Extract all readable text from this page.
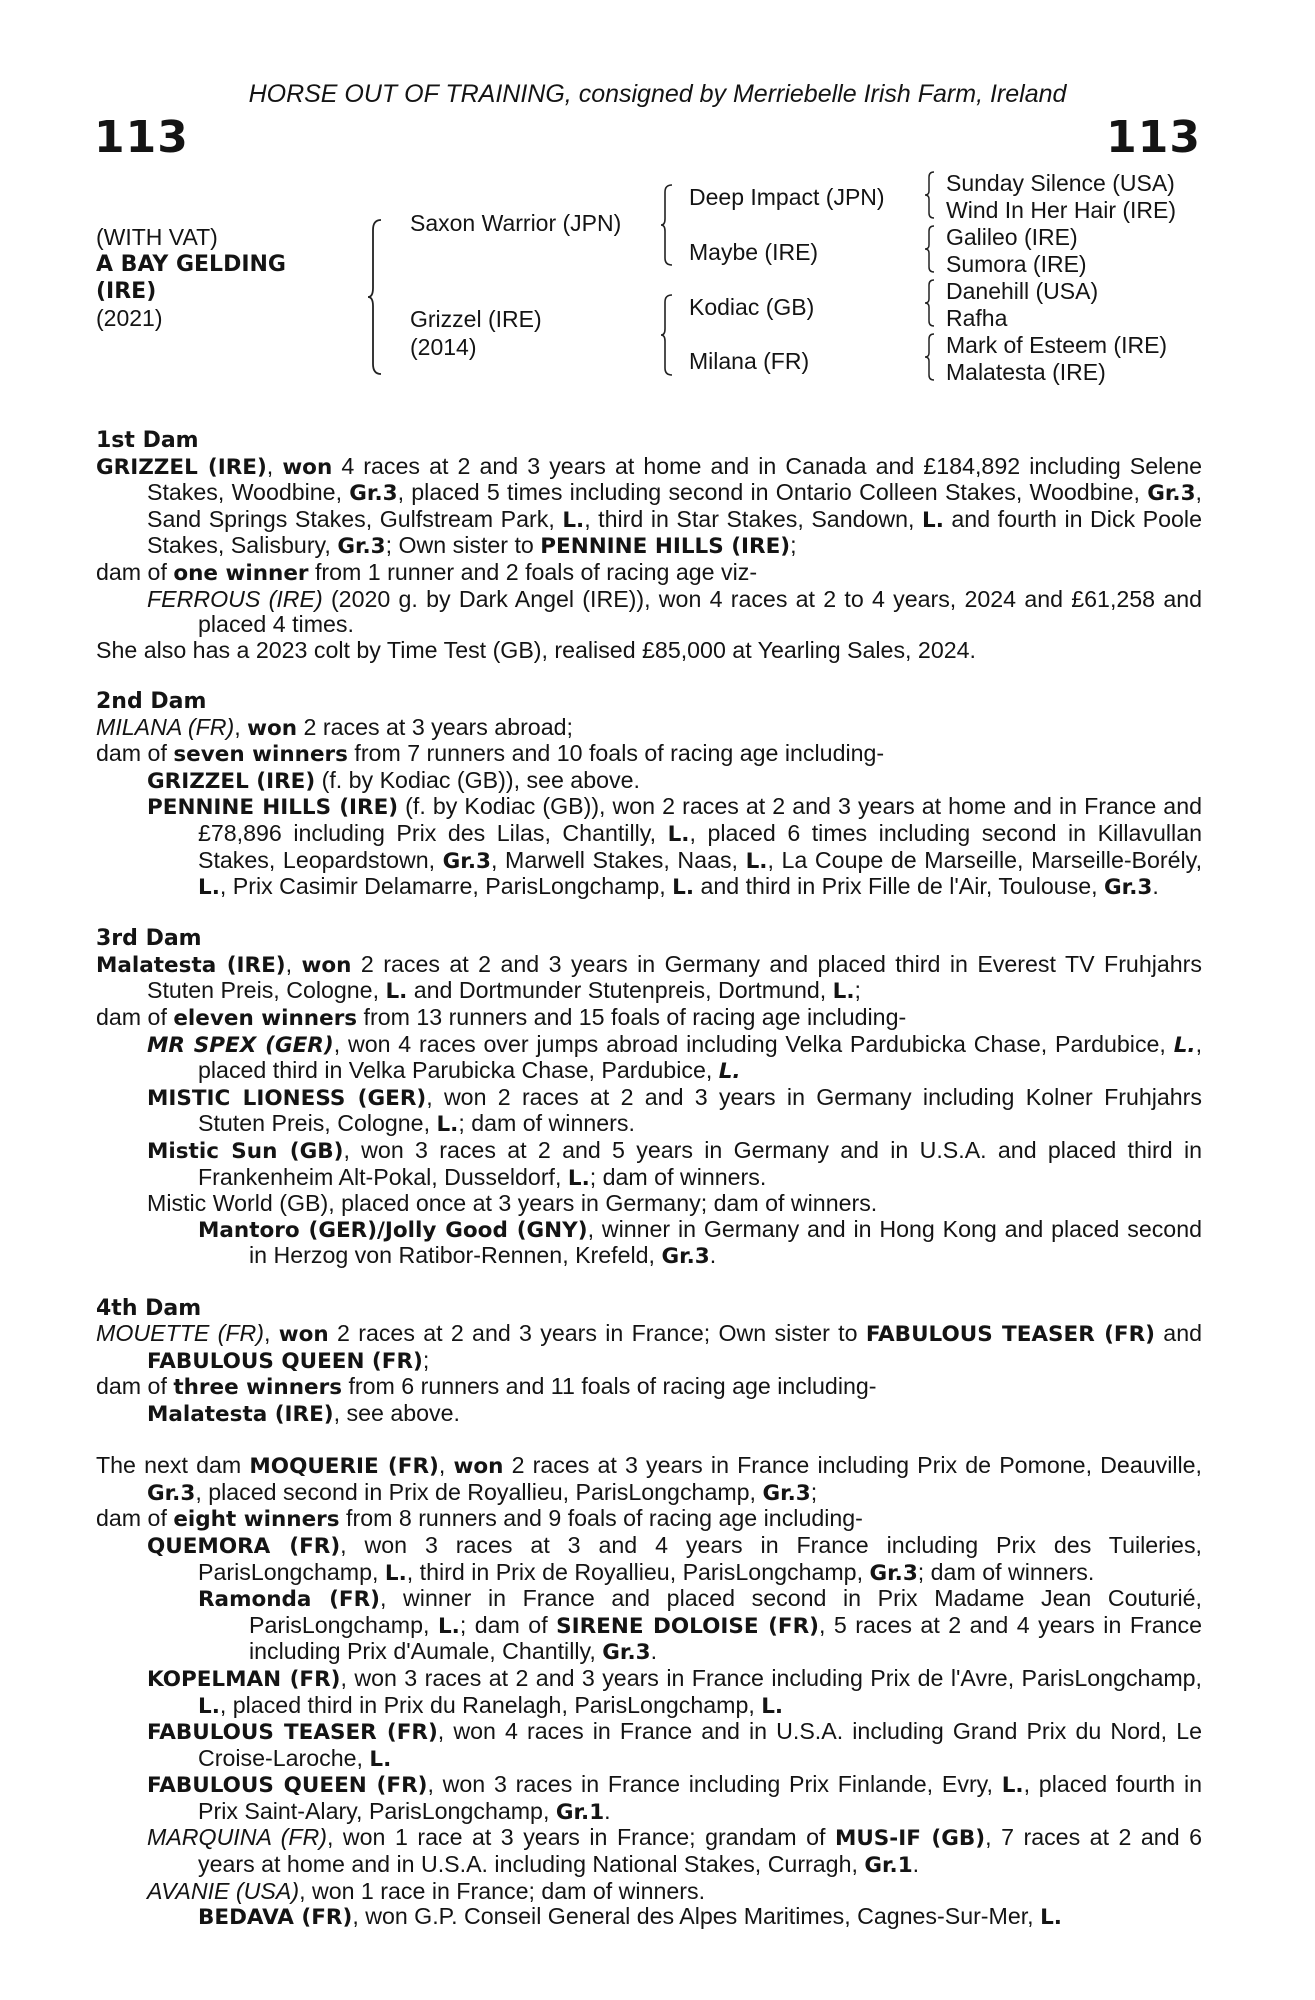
HORSE OUT OF TRAINING, consigned by Merriebelle Irish Farm, Ireland
113	113
(WITH VAT)
A BAY GELDING
(IRE)
(2021)
Saxon Warrior (JPN)
Grizzel (IRE)
(2014)
Deep Impact (JPN)
Maybe (IRE)
Kodiac (GB)
Milana (FR)
Sunday Silence (USA)
Wind In Her Hair (IRE)
Galileo (IRE)
Sumora (IRE)
Danehill (USA)
Rafha
Mark of Esteem (IRE)
Malatesta (IRE)
1st Dam

GRIZZEL (IRE), won 4 races at 2 and 3 years at home and in Canada and £184,892 including Selene Stakes, Woodbine, Gr.3, placed 5 times including second in Ontario Colleen Stakes, Woodbine, Gr.3, Sand Springs Stakes, Gulfstream Park, L., third in Star Stakes, Sandown, L. and fourth in Dick Poole Stakes, Salisbury, Gr.3; Own sister to PENNINE HILLS (IRE);

dam of one winner from 1 runner and 2 foals of racing age viz-

FERROUS (IRE) (2020 g. by Dark Angel (IRE)), won 4 races at 2 to 4 years, 2024 and £61,258 and placed 4 times.

She also has a 2023 colt by Time Test (GB), realised £85,000 at Yearling Sales, 2024.

2nd Dam

MILANA (FR), won 2 races at 3 years abroad;

dam of seven winners from 7 runners and 10 foals of racing age including-

GRIZZEL (IRE) (f. by Kodiac (GB)), see above.

PENNINE HILLS (IRE) (f. by Kodiac (GB)), won 2 races at 2 and 3 years at home and in France and £78,896 including Prix des Lilas, Chantilly, L., placed 6 times including second in Killavullan Stakes, Leopardstown, Gr.3, Marwell Stakes, Naas, L., La Coupe de Marseille, Marseille-Borély, L., Prix Casimir Delamarre, ParisLongchamp, L. and third in Prix Fille de l'Air, Toulouse, Gr.3.

3rd Dam

Malatesta (IRE), won 2 races at 2 and 3 years in Germany and placed third in Everest TV Fruhjahrs Stuten Preis, Cologne, L. and Dortmunder Stutenpreis, Dortmund, L.;

dam of eleven winners from 13 runners and 15 foals of racing age including-

MR SPEX (GER), won 4 races over jumps abroad including Velka Pardubicka Chase, Pardubice, L., placed third in Velka Parubicka Chase, Pardubice, L.

MISTIC LIONESS (GER), won 2 races at 2 and 3 years in Germany including Kolner Fruhjahrs Stuten Preis, Cologne, L.; dam of winners.

Mistic Sun (GB), won 3 races at 2 and 5 years in Germany and in U.S.A. and placed third in Frankenheim Alt-Pokal, Dusseldorf, L.; dam of winners.

Mistic World (GB), placed once at 3 years in Germany; dam of winners.

Mantoro (GER)/Jolly Good (GNY), winner in Germany and in Hong Kong and placed second in Herzog von Ratibor-Rennen, Krefeld, Gr.3.

4th Dam

MOUETTE (FR), won 2 races at 2 and 3 years in France; Own sister to FABULOUS TEASER (FR) and FABULOUS QUEEN (FR);

dam of three winners from 6 runners and 11 foals of racing age including-

Malatesta (IRE), see above.

The next dam MOQUERIE (FR), won 2 races at 3 years in France including Prix de Pomone, Deauville, Gr.3, placed second in Prix de Royallieu, ParisLongchamp, Gr.3;

dam of eight winners from 8 runners and 9 foals of racing age including-

QUEMORA (FR), won 3 races at 3 and 4 years in France including Prix des Tuileries, ParisLongchamp, L., third in Prix de Royallieu, ParisLongchamp, Gr.3; dam of winners.

Ramonda (FR), winner in France and placed second in Prix Madame Jean Couturié, ParisLongchamp, L.; dam of SIRENE DOLOISE (FR), 5 races at 2 and 4 years in France including Prix d'Aumale, Chantilly, Gr.3.

KOPELMAN (FR), won 3 races at 2 and 3 years in France including Prix de l'Avre, ParisLongchamp, L., placed third in Prix du Ranelagh, ParisLongchamp, L.

FABULOUS TEASER (FR), won 4 races in France and in U.S.A. including Grand Prix du Nord, Le Croise-Laroche, L.

FABULOUS QUEEN (FR), won 3 races in France including Prix Finlande, Evry, L., placed fourth in Prix Saint-Alary, ParisLongchamp, Gr.1.

MARQUINA (FR), won 1 race at 3 years in France; grandam of MUS-IF (GB), 7 races at 2 and 6 years at home and in U.S.A. including National Stakes, Curragh, Gr.1.

AVANIE (USA), won 1 race in France; dam of winners.

BEDAVA (FR), won G.P. Conseil General des Alpes Maritimes, Cagnes-Sur-Mer, L.
